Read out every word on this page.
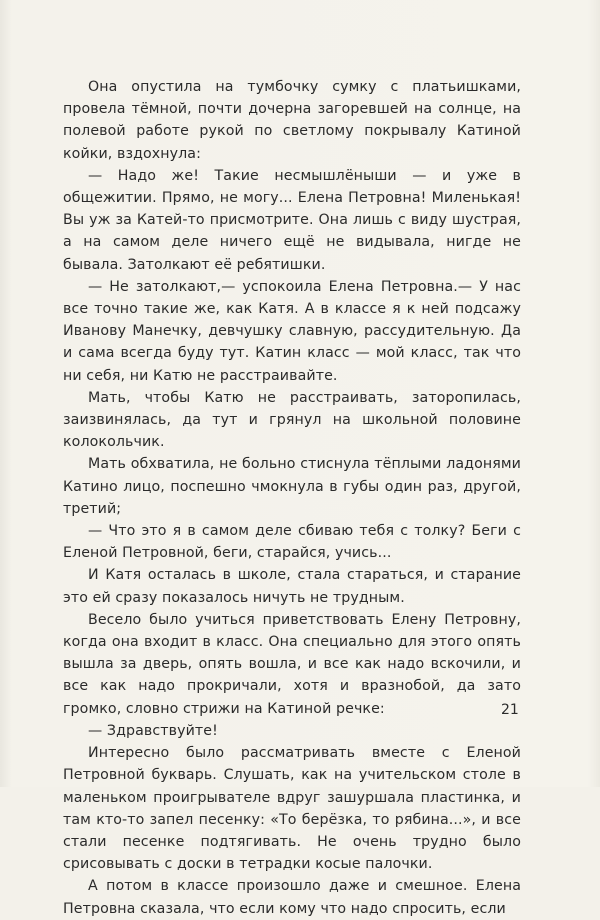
Она опустила на тумбочку сумку с платьишками, провела тёмной, почти дочерна загоревшей на солнце, на полевой работе рукой по светлому покрывалу Катиной койки, вздохнула:

— Надо же! Такие несмышлёныши — и уже в общежитии. Прямо, не могу... Елена Петровна! Миленькая! Вы уж за Катей-то присмотрите. Она лишь с виду шустрая, а на самом деле ничего ещё не видывала, нигде не бывала. Затолкают её ребятишки.

— Не затолкают,— успокоила Елена Петровна.— У нас все точно такие же, как Катя. А в классе я к ней подсажу Иванову Манечку, девчушку славную, рассудительную. Да и сама всегда буду тут. Катин класс — мой класс, так что ни себя, ни Катю не расстраивайте.

Мать, чтобы Катю не расстраивать, заторопилась, заизвинялась, да тут и грянул на школьной половине колокольчик.

Мать обхватила, не больно стиснула тёплыми ладонями Катино лицо, поспешно чмокнула в губы один раз, другой, третий;

— Что это я в самом деле сбиваю тебя с толку? Беги с Еленой Петровной, беги, старайся, учись...

И Катя осталась в школе, стала стараться, и старание это ей сразу показалось ничуть не трудным.

Весело было учиться приветствовать Елену Петровну, когда она входит в класс. Она специально для этого опять вышла за дверь, опять вошла, и все как надо вскочили, и все как надо прокричали, хотя и вразнобой, да зато громко, словно стрижи на Катиной речке:

— Здравствуйте!

Интересно было рассматривать вместе с Еленой Петровной букварь. Слушать, как на учительском столе в маленьком проигрывателе вдруг зашуршала пластинка, и там кто-то запел песенку: «То берёзка, то рябина...», и все стали песенке подтягивать. Не очень трудно было срисовывать с доски в тетрадки косые палочки.

А потом в классе произошло даже и смешное. Елена Петровна сказала, что если кому что надо спросить, если

21
